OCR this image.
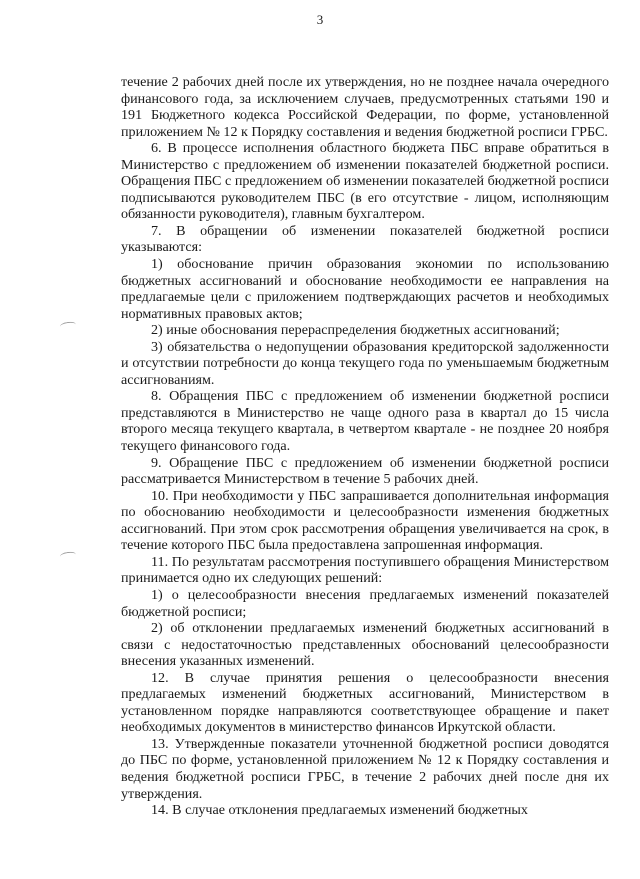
3

течение 2 рабочих дней после их утверждения, но не позднее начала очередного финансового года, за исключением случаев, предусмотренных статьями 190 и 191 Бюджетного кодекса Российской Федерации, по форме, установленной приложением № 12 к Порядку составления и ведения бюджетной росписи ГРБС.

6. В процессе исполнения областного бюджета ПБС вправе обратиться в Министерство с предложением об изменении показателей бюджетной росписи. Обращения ПБС с предложением об изменении показателей бюджетной росписи подписываются руководителем ПБС (в его отсутствие - лицом, исполняющим обязанности руководителя), главным бухгалтером.

7. В обращении об изменении показателей бюджетной росписи указываются:

1) обоснование причин образования экономии по использованию бюджетных ассигнований и обоснование необходимости ее направления на предлагаемые цели с приложением подтверждающих расчетов и необходимых нормативных правовых актов;

2) иные обоснования перераспределения бюджетных ассигнований;

3) обязательства о недопущении образования кредиторской задолженности и отсутствии потребности до конца текущего года по уменьшаемым бюджетным ассигнованиям.

8. Обращения ПБС с предложением об изменении бюджетной росписи представляются в Министерство не чаще одного раза в квартал до 15 числа второго месяца текущего квартала, в четвертом квартале - не позднее 20 ноября текущего финансового года.

9. Обращение ПБС с предложением об изменении бюджетной росписи рассматривается Министерством в течение 5 рабочих дней.

10. При необходимости у ПБС запрашивается дополнительная информация по обоснованию необходимости и целесообразности изменения бюджетных ассигнований. При этом срок рассмотрения обращения увеличивается на срок, в течение которого ПБС была предоставлена запрошенная информация.

11. По результатам рассмотрения поступившего обращения Министерством принимается одно их следующих решений:

1) о целесообразности внесения предлагаемых изменений показателей бюджетной росписи;

2) об отклонении предлагаемых изменений бюджетных ассигнований в связи с недостаточностью представленных обоснований целесообразности внесения указанных изменений.

12. В случае принятия решения о целесообразности внесения предлагаемых изменений бюджетных ассигнований, Министерством в установленном порядке направляются соответствующее обращение и пакет необходимых документов в министерство финансов Иркутской области.

13. Утвержденные показатели уточненной бюджетной росписи доводятся до ПБС по форме, установленной приложением № 12 к Порядку составления и ведения бюджетной росписи ГРБС, в течение 2 рабочих дней после дня их утверждения.

14. В случае отклонения предлагаемых изменений бюджетных
